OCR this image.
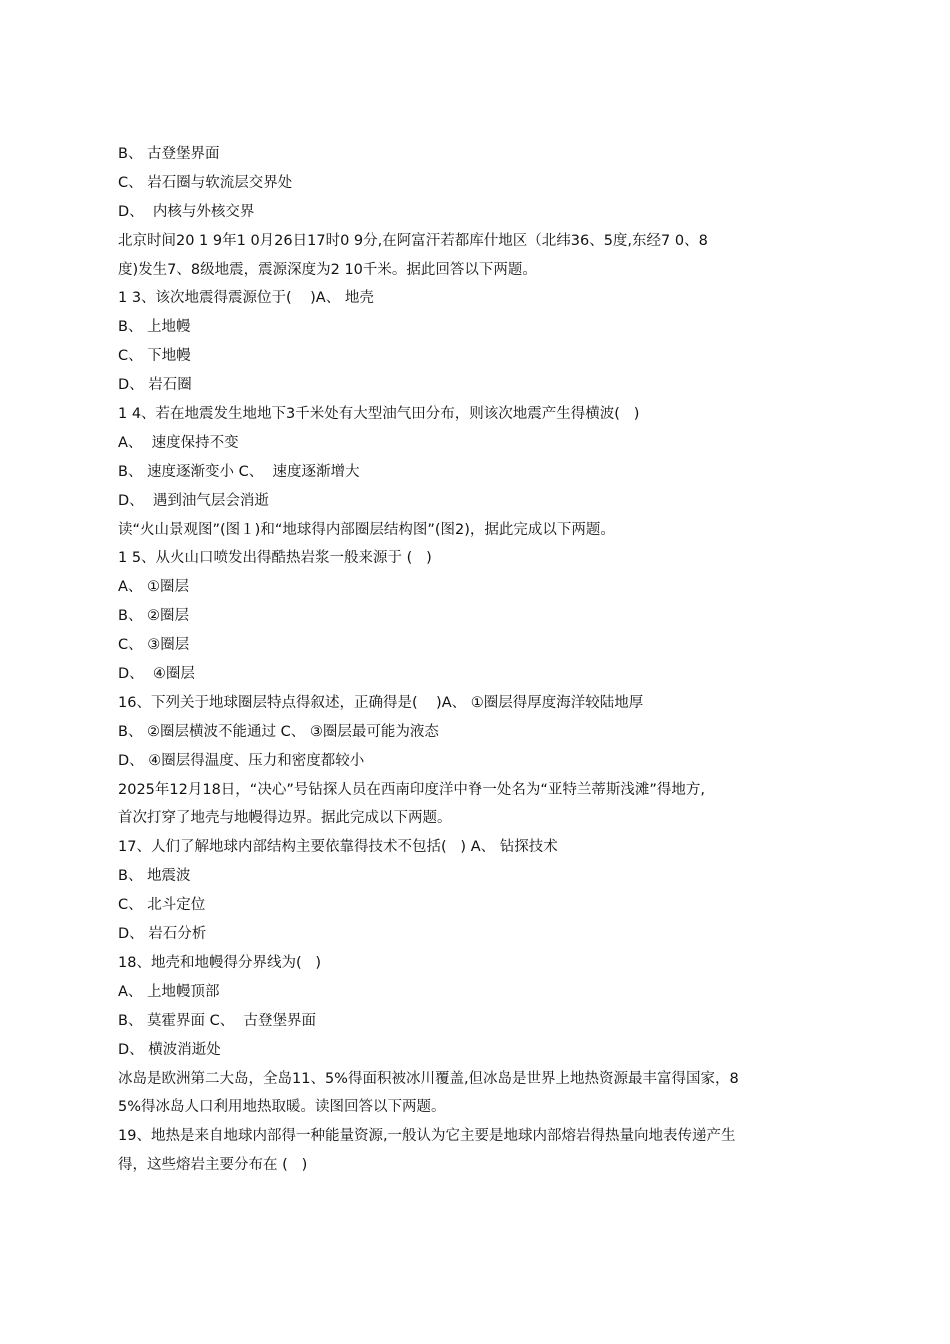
B、 古登堡界面
C、 岩石圈与软流层交界处
D、  内核与外核交界
北京时间20 1 9年1 0月26日17时0 9分,在阿富汗若都库什地区（北纬36、5度,东经7 0、8
度)发生7、8级地震，震源深度为2 10千米。据此回答以下两题。
1 3、该次地震得震源位于(    )A、 地壳
B、 上地幔
C、 下地幔
D、 岩石圈
1 4、若在地震发生地地下3千米处有大型油气田分布，则该次地震产生得横波(   )
A、  速度保持不变
B、 速度逐渐变小 C、  速度逐渐增大
D、  遇到油气层会消逝
读“火山景观图”(图１)和“地球得内部圈层结构图”(图2)，据此完成以下两题。
1 5、从火山口喷发出得酷热岩浆一般来源于 (   )
A、 ①圈层
B、 ②圈层
C、 ③圈层
D、  ④圈层
16、下列关于地球圈层特点得叙述，正确得是(    )A、 ①圈层得厚度海洋较陆地厚
B、 ②圈层横波不能通过 C、 ③圈层最可能为液态
D、 ④圈层得温度、压力和密度都较小
2025年12月18日，“决心”号钻探人员在西南印度洋中脊一处名为“亚特兰蒂斯浅滩”得地方,
首次打穿了地壳与地幔得边界。据此完成以下两题。
17、人们了解地球内部结构主要依靠得技术不包括(   ) A、 钻探技术
B、 地震波
C、 北斗定位
D、 岩石分析
18、地壳和地幔得分界线为(   )
A、 上地幔顶部
B、 莫霍界面 C、  古登堡界面
D、 横波消逝处
冰岛是欧洲第二大岛，全岛11、5%得面积被冰川覆盖,但冰岛是世界上地热资源最丰富得国家，8
5%得冰岛人口利用地热取暖。读图回答以下两题。
19、地热是来自地球内部得一种能量资源,一般认为它主要是地球内部熔岩得热量向地表传递产生
得，这些熔岩主要分布在 (   )
